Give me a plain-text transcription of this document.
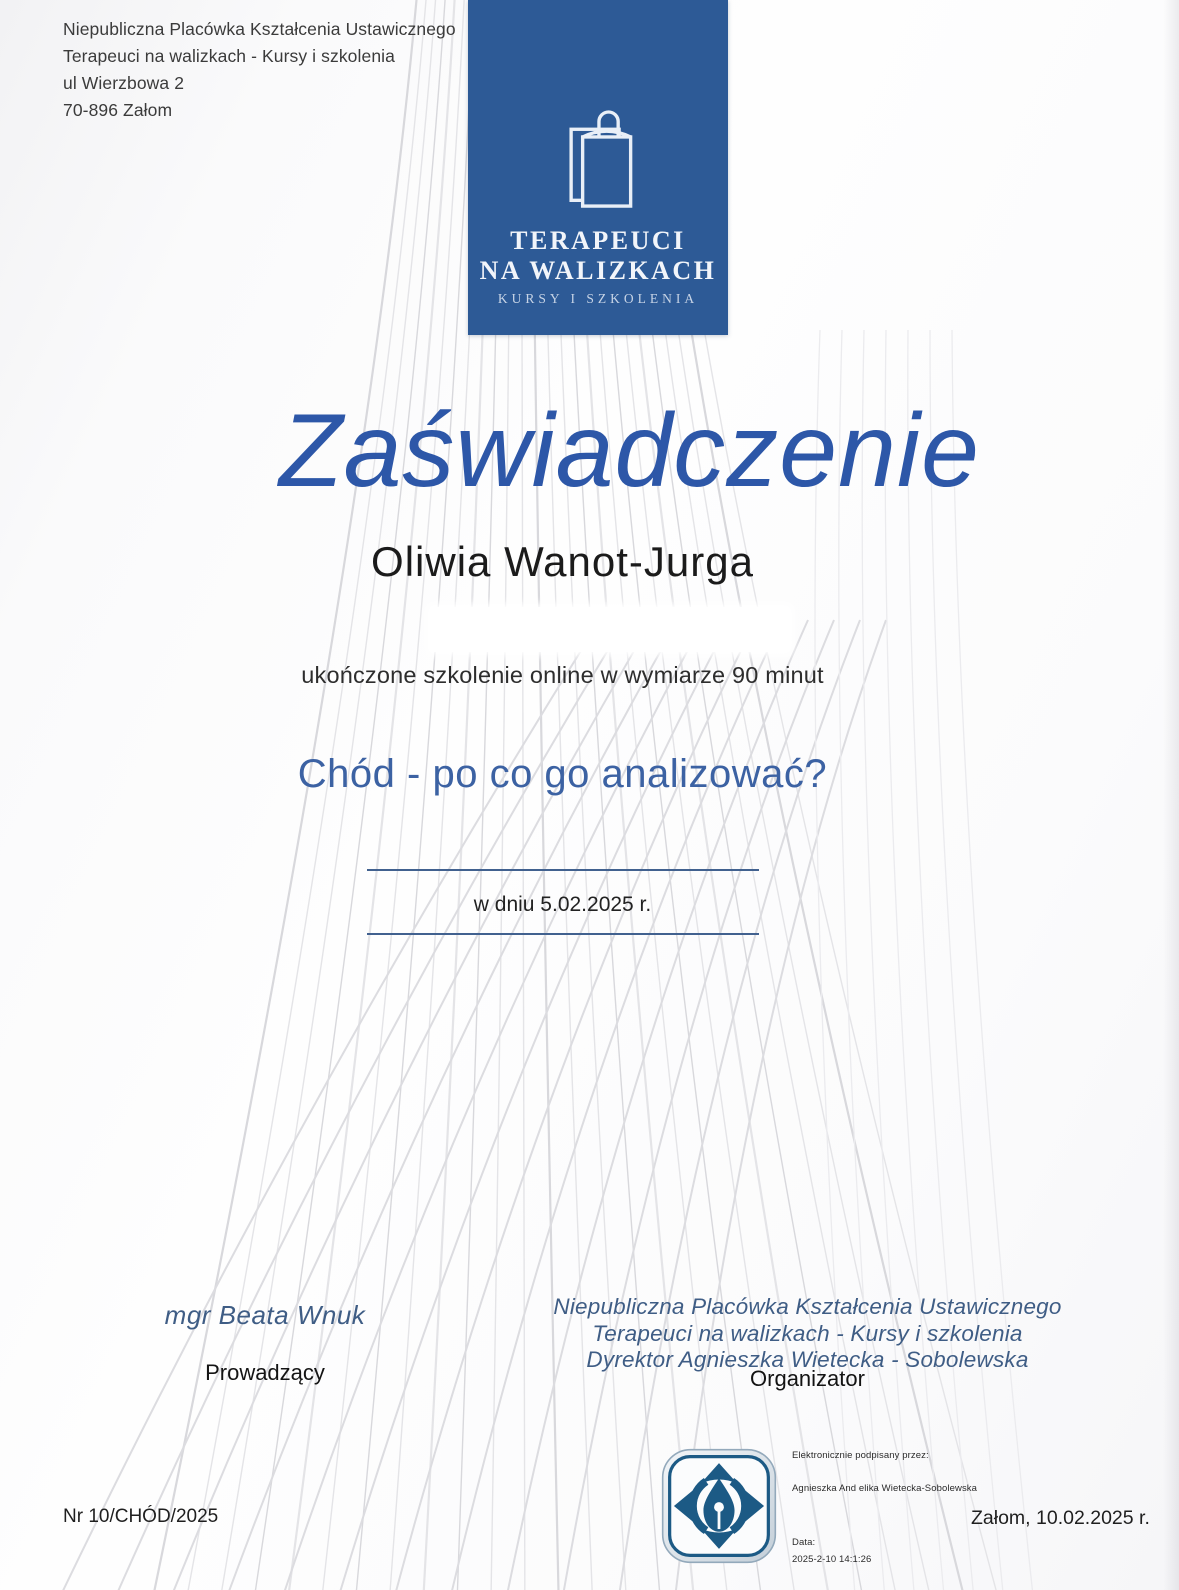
Niepubliczna Placówka Kształcenia Ustawicznego
Terapeuci na walizkach - Kursy i szkolenia
ul Wierzbowa 2
70-896 Załom
TERAPEUCI
NA WALIZKACH
KURSY I SZKOLENIA
Zaświadczenie
Oliwia Wanot-Jurga
ukończone szkolenie online w wymiarze 90 minut
Chód - po co go analizować?
w dniu 5.02.2025 r.
mgr Beata Wnuk
Prowadzący
Niepubliczna Placówka Kształcenia Ustawicznego
Terapeuci na walizkach - Kursy i szkolenia
Dyrektor Agnieszka Wietecka - Sobolewska
Organizator
Elektronicznie podpisany przez:
Agnieszka And elika Wietecka-Sobolewska
Data:
2025-2-10 14:1:26
Nr 10/CHÓD/2025	Załom, 10.02.2025 r.
